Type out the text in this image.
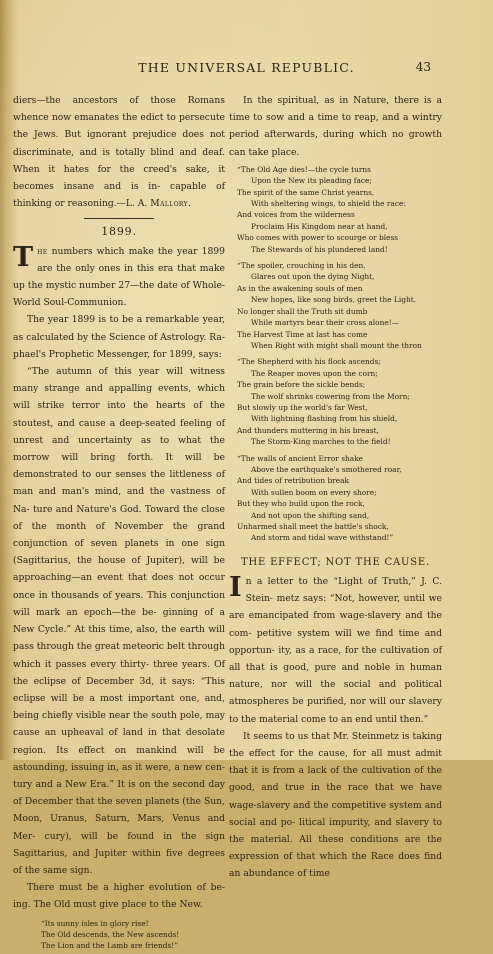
THE UNIVERSAL REPUBLIC.	43

diers—the ancestors of those Romans whence now emanates the edict to persecute the Jews. But ignorant prejudice does not discriminate, and is totally blind and deaf. When it hates for the creed's sake, it becomes insane and is in- capable of thinking or reasoning.—L. A. Mallory.

1899.

The numbers which make the year 1899 are the only ones in this era that make up the mystic number 27—the date of Whole-World Soul-Communion.

The year 1899 is to be a remarkable year, as calculated by the Science of Astrology. Ra- phael's Prophetic Messenger, for 1899, says:

“The autumn of this year will witness many strange and appalling events, which will strike terror into the hearts of the stoutest, and cause a deep-seated feeling of unrest and uncertainty as to what the morrow will bring forth. It will be demonstrated to our senses the littleness of man and man's mind, and the vastness of Na- ture and Nature's God. Toward the close of the month of November the grand conjunction of seven planets in one sign (Sagittarius, the house of Jupiter), will be approaching—an event that does not occur once in thousands of years. This conjunction will mark an epoch—the be- ginning of a New Cycle.” At this time, also, the earth will pass through the great meteoric belt through which it passes every thirty- three years. Of the eclipse of December 3d, it says: “This eclipse will be a most important one, and, being chiefly visible near the south pole, may cause an upheaval of land in that desolate region. Its effect on mankind will be astounding, issuing in, as it were, a new cen- tury and a New Era.” It is on the second day of December that the seven planets (the Sun, Moon, Uranus, Saturn, Mars, Venus and Mer- cury), will be found in the sign Sagittarius, and Jupiter within five degrees of the same sign.

There must be a higher evolution of be- ing. The Old must give place to the New.

“Its sunny isles in glory rise!
The Old descends, the New ascends!
The Lion and the Lamb are friends!”

In the spiritual, as in Nature, there is a time to sow and a time to reap, and a wintry period afterwards, during which no growth can take place.

“The Old Age dies!—the cycle turns
Upon the New its pleading face;
The spirit of the same Christ yearns,
With sheltering wings, to shield the race:
And voices from the wilderness
Proclaim His Kingdom near at hand,
Who comes with power to scourge or bless
The Stewards of his plundered land!
“The spoiler, crouching in his den,
Glares out upon the dying Night,
As in the awakening souls of men
New hopes, like song birds, greet the Light.
No longer shall the Truth sit dumb
While martyrs bear their cross alone!—
The Harvest Time at last has come
When Right with might shall mount the thron
“The Shepherd with his flock ascends;
The Reaper moves upon the corn;
The grain before the sickle bends;
The wolf shrinks cowering from the Morn;
But slowly up the world's far West,
With lightning flashing from his shield,
And thunders muttering in his breast,
The Storm-King marches to the field!
“The walls of ancient Error shake
Above the earthquake's smothered roar,
And tides of retribution break
With sullen boom on every shore;
But they who build upon the rock,
And not upon the shifting sand,
Unharmed shall meet the battle's shock,
And storm and tidal wave withstand!”
THE EFFECT; NOT THE CAUSE.

In a letter to the “Light of Truth,” J. C. Stein- metz says: “Not, however, until we are emancipated from wage-slavery and the com- petitive system will we find time and opportun- ity, as a race, for the cultivation of all that is good, pure and noble in human nature, nor will the social and political atmospheres be purified, nor will our slavery to the material come to an end until then.”

It seems to us that Mr. Steinmetz is taking the effect for the cause, for all must admit that it is from a lack of the cultivation of the good, and true in the race that we have wage-slavery and the competitive system and social and po- litical impurity, and slavery to the material. All these conditions are the expression of that which the Race does find an abundance of time
